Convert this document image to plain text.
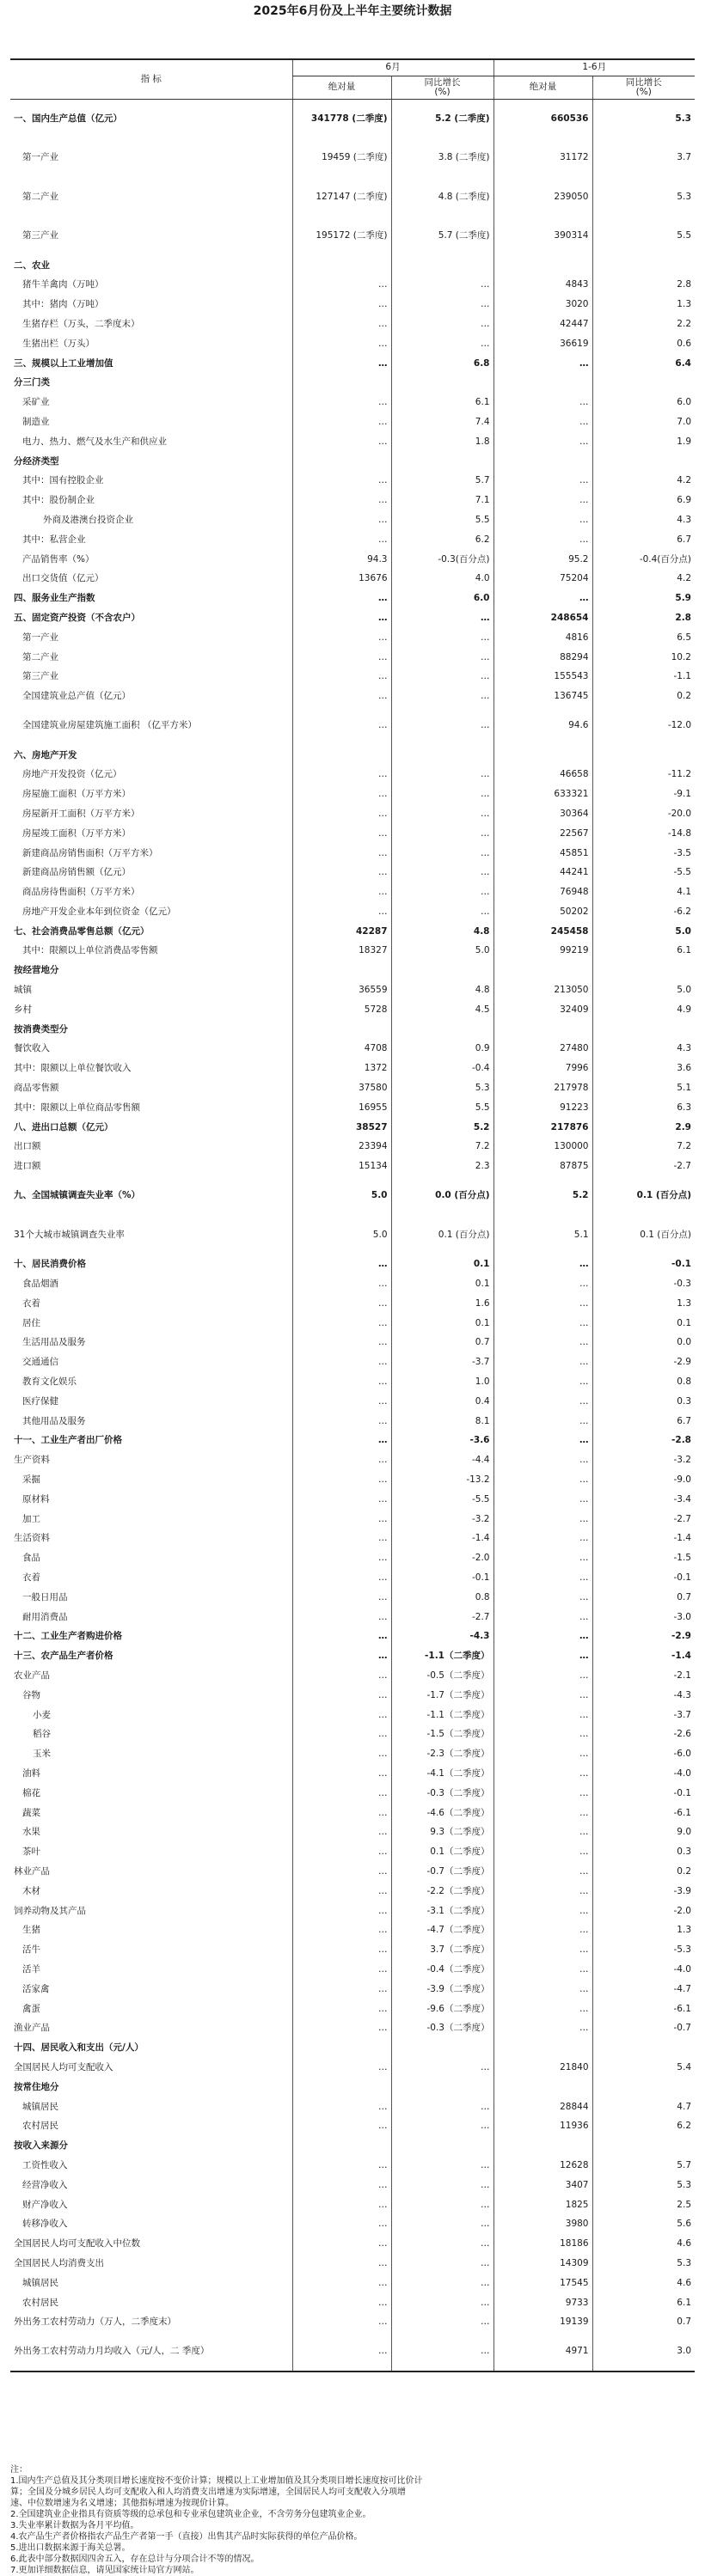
2025年6月份及上半年主要统计数据
指 标	6月		1-6月	
	绝对量	同比增长
(%)	绝对量	同比增长
(%)
一、国内生产总值（亿元）	341778 (二季度)	5.2 (二季度)	660536	5.3
第一产业	19459 (二季度)	3.8 (二季度)	31172	3.7
第二产业	127147 (二季度)	4.8 (二季度)	239050	5.3
第三产业	195172 (二季度)	5.7 (二季度)	390314	5.5
二、农业				
猪牛羊禽肉（万吨）	…	…	4843	2.8
其中：猪肉（万吨）	…	…	3020	1.3
生猪存栏（万头，二季度末）	…	…	42447	2.2
生猪出栏（万头）	…	…	36619	0.6
三、规模以上工业增加值	…	6.8	…	6.4
分三门类				
采矿业	…	6.1	…	6.0
制造业	…	7.4	…	7.0
电力、热力、燃气及水生产和供应业	…	1.8	…	1.9
分经济类型				
其中：国有控股企业	…	5.7	…	4.2
其中：股份制企业	…	7.1	…	6.9
外商及港澳台投资企业	…	5.5	…	4.3
其中：私营企业	…	6.2	…	6.7
产品销售率（%）	94.3	-0.3(百分点)	95.2	-0.4(百分点)
出口交货值（亿元）	13676	4.0	75204	4.2
四、服务业生产指数	…	6.0	…	5.9
五、固定资产投资（不含农户）	…	…	248654	2.8
第一产业	…	…	4816	6.5
第二产业	…	…	88294	10.2
第三产业	…	…	155543	-1.1
全国建筑业总产值（亿元）	…	…	136745	0.2
全国建筑业房屋建筑施工面积 （亿平方米）	…	…	94.6	-12.0
六、房地产开发				
房地产开发投资（亿元）	…	…	46658	-11.2
房屋施工面积（万平方米）	…	…	633321	-9.1
房屋新开工面积（万平方米）	…	…	30364	-20.0
房屋竣工面积（万平方米）	…	…	22567	-14.8
新建商品房销售面积（万平方米）	…	…	45851	-3.5
新建商品房销售额（亿元）	…	…	44241	-5.5
商品房待售面积（万平方米）	…	…	76948	4.1
房地产开发企业本年到位资金（亿元）	…	…	50202	-6.2
七、社会消费品零售总额（亿元）	42287	4.8	245458	5.0
其中：限额以上单位消费品零售额	18327	5.0	99219	6.1
按经营地分				
城镇	36559	4.8	213050	5.0
乡村	5728	4.5	32409	4.9
按消费类型分				
餐饮收入	4708	0.9	27480	4.3
其中：限额以上单位餐饮收入	1372	-0.4	7996	3.6
商品零售额	37580	5.3	217978	5.1
其中：限额以上单位商品零售额	16955	5.5	91223	6.3
八、进出口总额（亿元）	38527	5.2	217876	2.9
出口额	23394	7.2	130000	7.2
进口额	15134	2.3	87875	-2.7
九、全国城镇调查失业率（%）	5.0	0.0 (百分点)	5.2	0.1 (百分点)
31个大城市城镇调查失业率	5.0	0.1 (百分点)	5.1	0.1 (百分点)
十、居民消费价格	…	0.1	…	-0.1
食品烟酒	…	0.1	…	-0.3
衣着	…	1.6	…	1.3
居住	…	0.1	…	0.1
生活用品及服务	…	0.7	…	0.0
交通通信	…	-3.7	…	-2.9
教育文化娱乐	…	1.0	…	0.8
医疗保健	…	0.4	…	0.3
其他用品及服务	…	8.1	…	6.7
十一、工业生产者出厂价格	…	-3.6	…	-2.8
生产资料	…	-4.4	…	-3.2
采掘	…	-13.2	…	-9.0
原材料	…	-5.5	…	-3.4
加工	…	-3.2	…	-2.7
生活资料	…	-1.4	…	-1.4
食品	…	-2.0	…	-1.5
衣着	…	-0.1	…	-0.1
一般日用品	…	0.8	…	0.7
耐用消费品	…	-2.7	…	-3.0
十二、工业生产者购进价格	…	-4.3	…	-2.9
十三、农产品生产者价格	…	-1.1（二季度）	…	-1.4
农业产品	…	-0.5（二季度）	…	-2.1
谷物	…	-1.7（二季度）	…	-4.3
小麦	…	-1.1（二季度）	…	-3.7
稻谷	…	-1.5（二季度）	…	-2.6
玉米	…	-2.3（二季度）	…	-6.0
油料	…	-4.1（二季度）	…	-4.0
棉花	…	-0.3（二季度）	…	-0.1
蔬菜	…	-4.6（二季度）	…	-6.1
水果	…	9.3（二季度）	…	9.0
茶叶	…	0.1（二季度）	…	0.3
林业产品	…	-0.7（二季度）	…	0.2
木材	…	-2.2（二季度）	…	-3.9
饲养动物及其产品	…	-3.1（二季度）	…	-2.0
生猪	…	-4.7（二季度）	…	1.3
活牛	…	3.7（二季度）	…	-5.3
活羊	…	-0.4（二季度）	…	-4.0
活家禽	…	-3.9（二季度）	…	-4.7
禽蛋	…	-9.6（二季度）	…	-6.1
渔业产品	…	-0.3（二季度）	…	-0.7
十四、居民收入和支出（元/人）				
全国居民人均可支配收入	…	…	21840	5.4
按常住地分				
城镇居民	…	…	28844	4.7
农村居民	…	…	11936	6.2
按收入来源分				
工资性收入	…	…	12628	5.7
经营净收入	…	…	3407	5.3
财产净收入	…	…	1825	2.5
转移净收入	…	…	3980	5.6
全国居民人均可支配收入中位数	…	…	18186	4.6
全国居民人均消费支出	…	…	14309	5.3
城镇居民	…	…	17545	4.6
农村居民	…	…	9733	6.1
外出务工农村劳动力（万人，二季度末）	…	…	19139	0.7
外出务工农村劳动力月均收入（元/人，二 季度）	…	…	4971	3.0
注：
1.国内生产总值及其分类项目增长速度按不变价计算；规模以上工业增加值及其分类项目增长速度按可比价计
算；全国及分城乡居民人均可支配收入和人均消费支出增速为实际增速，全国居民人均可支配收入分项增
速、中位数增速为名义增速；其他指标增速为按现价计算。
2.全国建筑业企业指具有资质等级的总承包和专业承包建筑业企业，不含劳务分包建筑业企业。
3.失业率累计数据为各月平均值。
4.农产品生产者价格指农产品生产者第一手（直接）出售其产品时实际获得的单位产品价格。
5.进出口数据来源于海关总署。
6.此表中部分数据因四舍五入，存在总计与分项合计不等的情况。
7.更加详细数据信息，请见国家统计局官方网站。
